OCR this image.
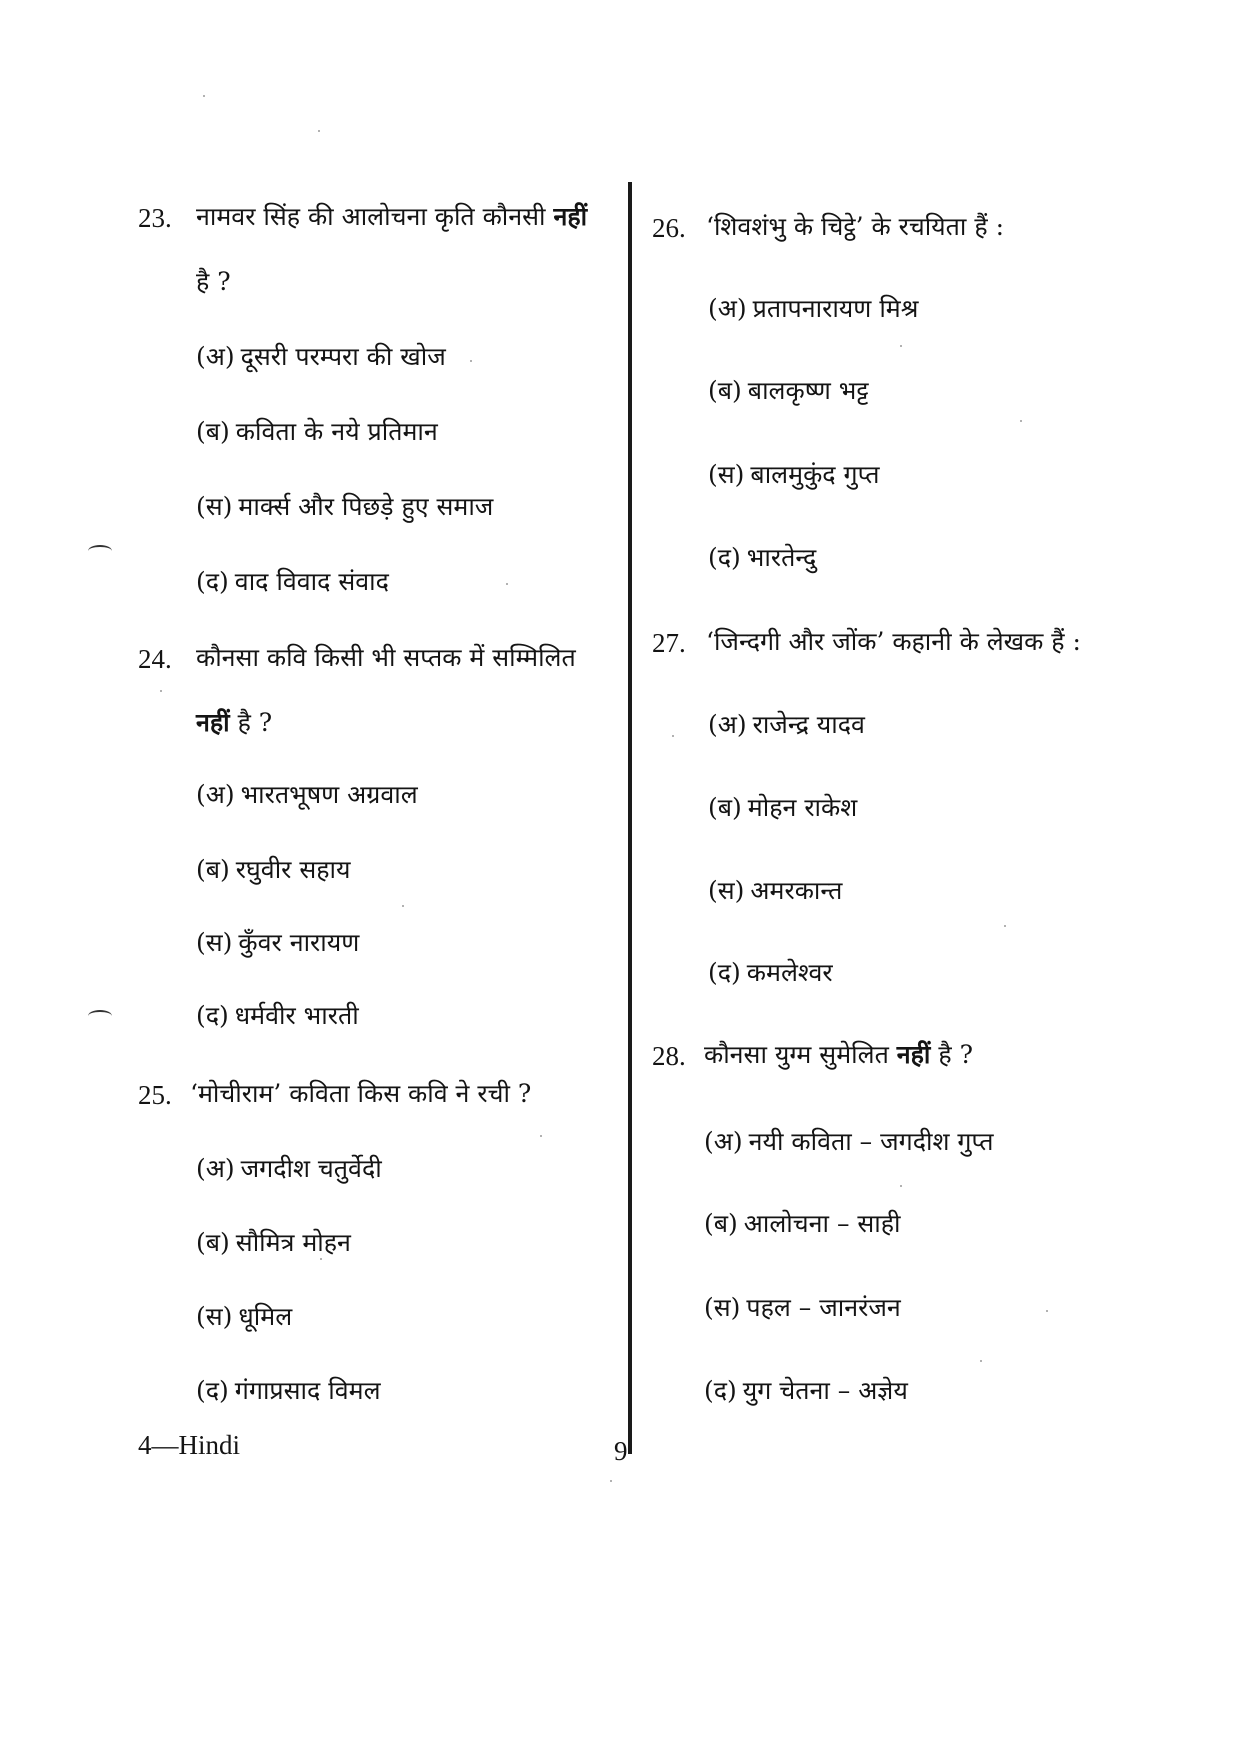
23. नामवर सिंह की आलोचना कृति कौनसी नहीं
है ?
(अ) दूसरी परम्परा की खोज
(ब) कविता के नये प्रतिमान
(स) मार्क्स और पिछड़े हुए समाज
(द) वाद विवाद संवाद
24. कौनसा कवि किसी भी सप्तक में सम्मिलित
नहीं है ?
(अ) भारतभूषण अग्रवाल
(ब) रघुवीर सहाय
(स) कुँवर नारायण
(द) धर्मवीर भारती
25. ‘मोचीराम’ कविता किस कवि ने रची ?
(अ) जगदीश चतुर्वेदी
(ब) सौमित्र मोहन
(स) धूमिल
(द) गंगाप्रसाद विमल
26. ‘शिवशंभु के चिट्ठे’ के रचयिता हैं :
(अ) प्रतापनारायण मिश्र
(ब) बालकृष्ण भट्ट
(स) बालमुकुंद गुप्त
(द) भारतेन्दु
27. ‘जिन्दगी और जोंक’ कहानी के लेखक हैं :
(अ) राजेन्द्र यादव
(ब) मोहन राकेश
(स) अमरकान्त
(द) कमलेश्वर
28. कौनसा युग्म सुमेलित नहीं है ?
(अ) नयी कविता – जगदीश गुप्त
(ब) आलोचना – साही
(स) पहल – जानरंजन
(द) युग चेतना – अज्ञेय
4—Hindi	9
